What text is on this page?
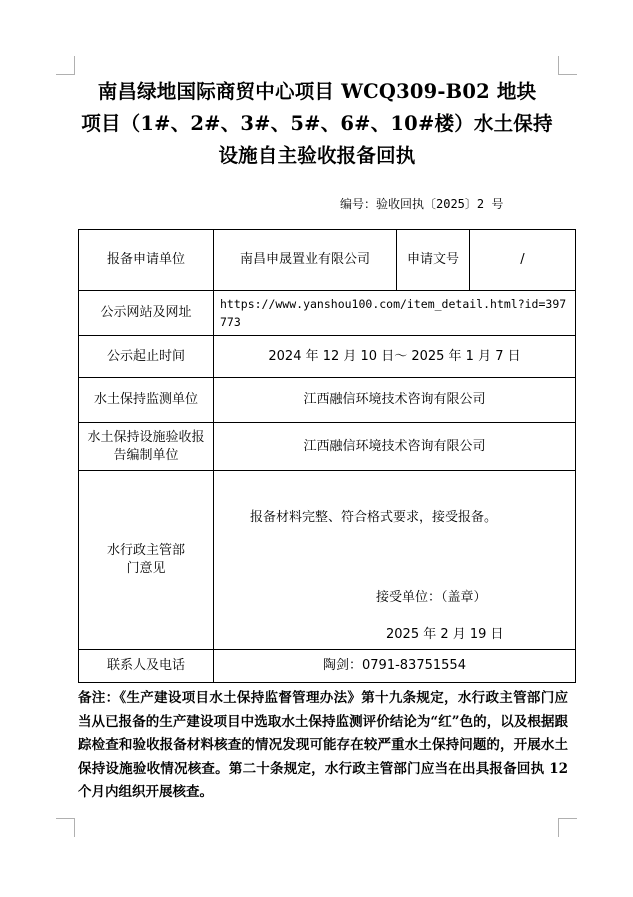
南昌绿地国际商贸中心项目 WCQ309-B02 地块
项目（1#、2#、3#、5#、6#、10#楼）水土保持
设施自主验收报备回执
编号：验收回执〔2025〕2 号
报备申请单位	南昌申晟置业有限公司	申请文号	/
公示网站及网址	https://www.yanshou100.com/item_detail.html?id=397773		
公示起止时间	2024 年 12 月 10 日～ 2025 年 1 月 7 日		
水土保持监测单位	江西融信环境技术咨询有限公司		
水土保持设施验收报告编制单位	江西融信环境技术咨询有限公司		
水行政主管部门意见	报备材料完整、符合格式要求，接受报备。
接受单位：（盖章）
2025 年 2 月 19 日		

联系人及电话	陶剑：0791-83751554		
备注：《生产建设项目水土保持监督管理办法》第十九条规定，水行政主管部门应当从已报备的生产建设项目中选取水土保持监测评价结论为“红”色的，以及根据跟踪检查和验收报备材料核查的情况发现可能存在较严重水土保持问题的，开展水土保持设施验收情况核查。第二十条规定，水行政主管部门应当在出具报备回执 12 个月内组织开展核查。
